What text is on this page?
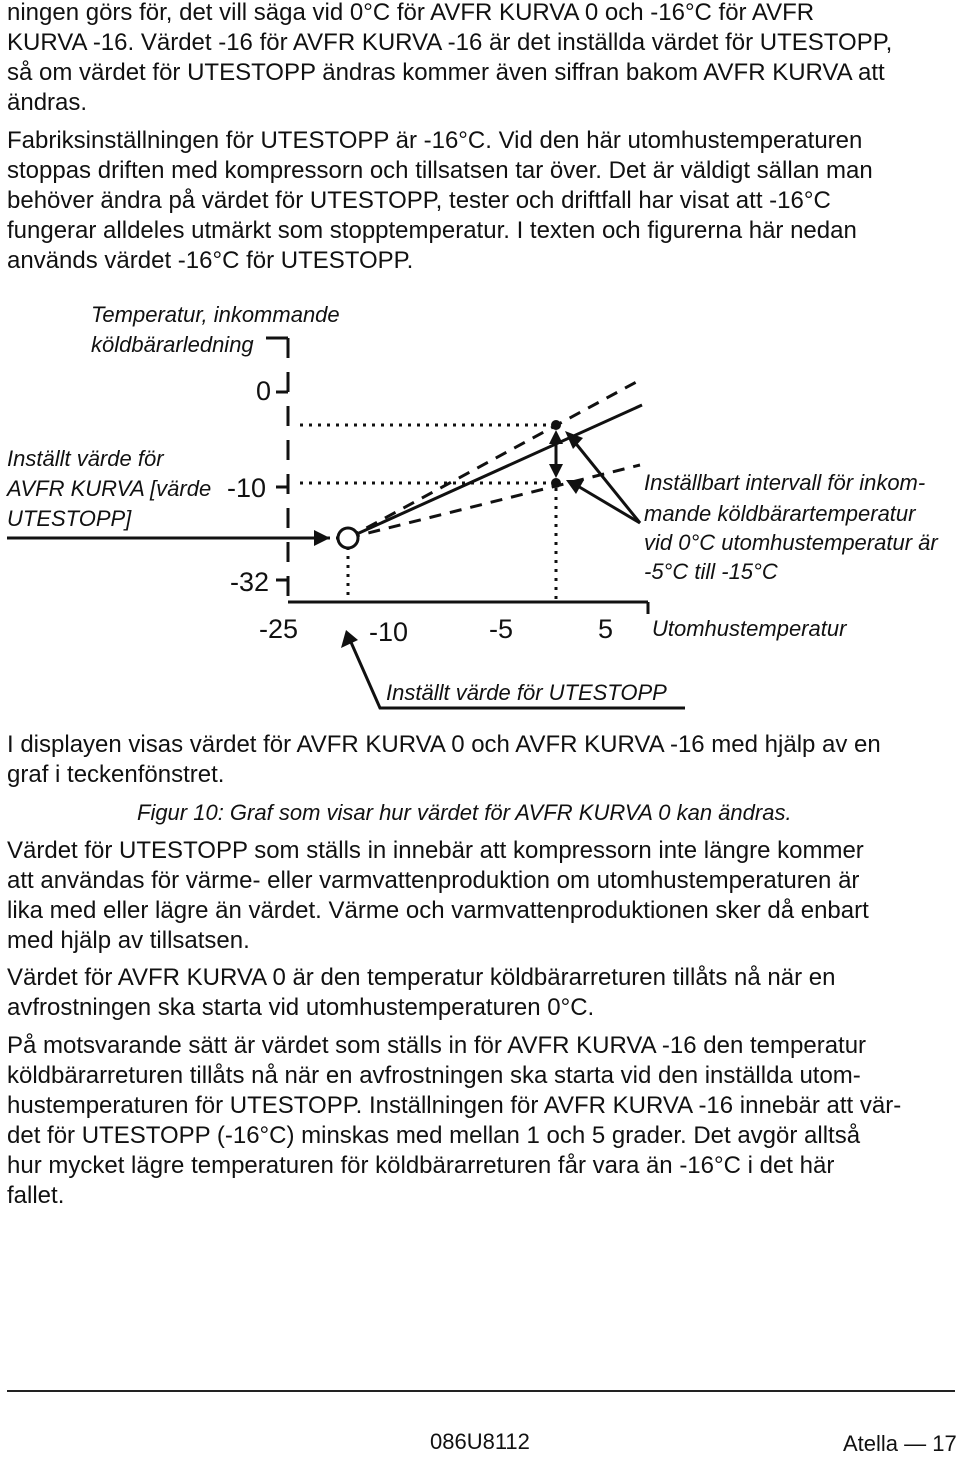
ningen görs för, det vill säga vid 0°C för AVFR KURVA 0 och -16°C för AVFR
KURVA -16. Värdet -16 för AVFR KURVA -16 är det inställda värdet för UTESTOPP,
så om värdet för UTESTOPP ändras kommer även siffran bakom AVFR KURVA att
ändras.
Fabriksinställningen för UTESTOPP är -16°C. Vid den här utomhustemperaturen
stoppas driften med kompressorn och tillsatsen tar över. Det är väldigt sällan man
behöver ändra på värdet för UTESTOPP, tester och driftfall har visat att -16°C
fungerar alldeles utmärkt som stopptemperatur. I texten och figurerna här nedan
används värdet -16°C för UTESTOPP.
Temperatur, inkommande
köldbärarledning
0
-10
-32
-25	-10	-5	5 Utomhustemperatur
Inställt värde för
AVFR KURVA [värde
UTESTOPP]
Inställbart intervall för inkom-
mande köldbärartemperatur
vid 0°C utomhustemperatur är
-5°C till -15°C
Inställt värde för UTESTOPP
I displayen visas värdet för AVFR KURVA 0 och AVFR KURVA -16 med hjälp av en
graf i teckenfönstret.
Figur 10: Graf som visar hur värdet för AVFR KURVA 0 kan ändras.
Värdet för UTESTOPP som ställs in innebär att kompressorn inte längre kommer
att användas för värme- eller varmvattenproduktion om utomhustemperaturen är
lika med eller lägre än värdet. Värme och varmvattenproduktionen sker då enbart
med hjälp av tillsatsen.
Värdet för AVFR KURVA 0 är den temperatur köldbärarreturen tillåts nå när en
avfrostningen ska starta vid utomhustemperaturen 0°C.
På motsvarande sätt är värdet som ställs in för AVFR KURVA -16 den temperatur
köldbärarreturen tillåts nå när en avfrostningen ska starta vid den inställda utom-
hustemperaturen för UTESTOPP. Inställningen för AVFR KURVA -16 innebär att vär-
det för UTESTOPP (-16°C) minskas med mellan 1 och 5 grader. Det avgör alltså
hur mycket lägre temperaturen för köldbärarreturen får vara än -16°C i det här
fallet.
086U8112	Atella — 17
